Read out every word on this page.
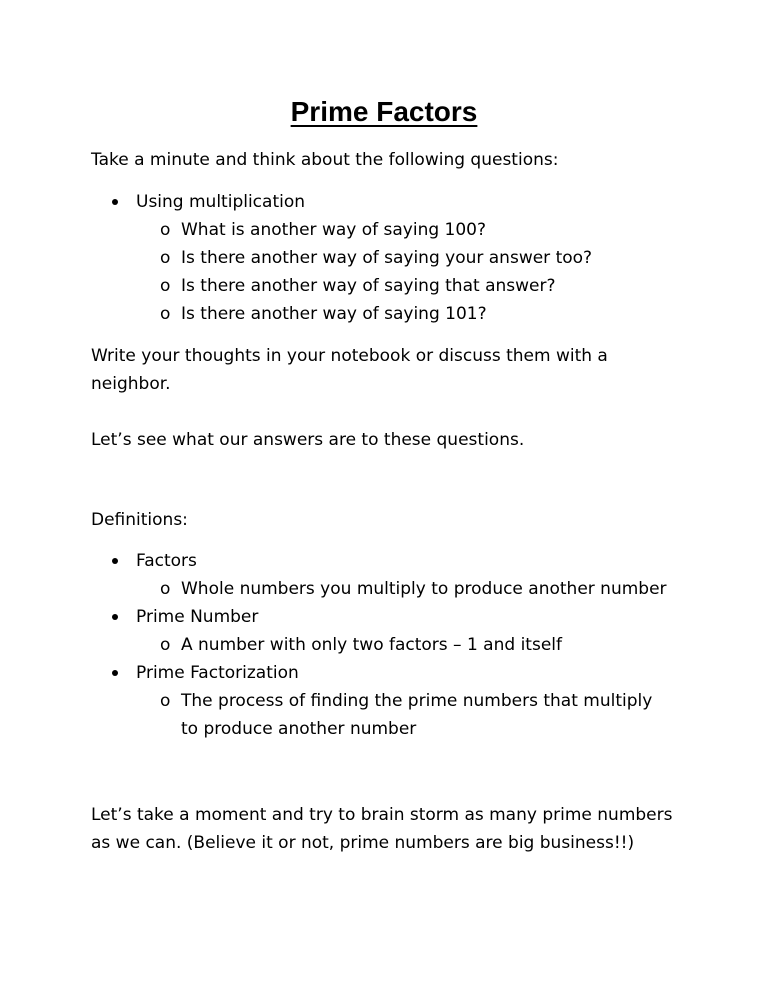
Prime Factors

Take a minute and think about the following questions:

Using multiplication
o What is another way of saying 100?
o Is there another way of saying your answer too?
o Is there another way of saying that answer?
o Is there another way of saying 101?

Write your thoughts in your notebook or discuss them with a neighbor.

Let’s see what our answers are to these questions.

Definitions:

Factors
o Whole numbers you multiply to produce another number
Prime Number
o A number with only two factors – 1 and itself
Prime Factorization
o The process of finding the prime numbers that multiply to produce another number

Let’s take a moment and try to brain storm as many prime numbers as we can. (Believe it or not, prime numbers are big business!!)
